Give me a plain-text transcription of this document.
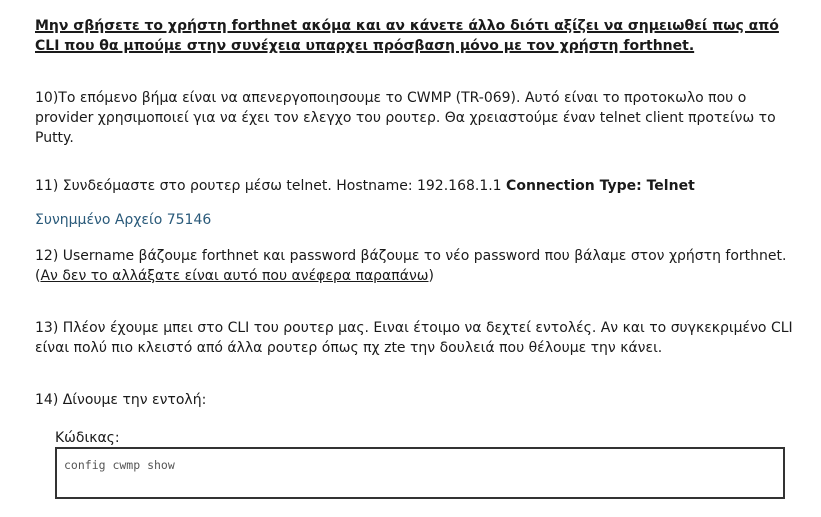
Μην σβήσετε το χρήστη forthnet ακόμα και αν κάνετε άλλο διότι αξίζει να σημειωθεί πως από CLI που θα μπούμε στην συνέχεια υπαρχει πρόσβαση μόνο με τον χρήστη forthnet.
10)Το επόμενο βήμα είναι να απενεργοποιησουμε το CWMP (TR-069). Αυτό είναι το προτοκωλο που ο provider χρησιμοποιεί για να έχει τον ελεγχο του ρουτερ. Θα χρειαστούμε έναν telnet client προτείνω το Putty.
11) Συνδεόμαστε στο ρουτερ μέσω telnet. Hostname: 192.168.1.1 Connection Type: Telnet
Συνημμένο Αρχείο 75146
12) Username βάζουμε forthnet και password βάζουμε το νέο password που βάλαμε στον χρήστη forthnet. (Αν δεν το αλλάξατε είναι αυτό που ανέφερα παραπάνω)
13) Πλέον έχουμε μπει στο CLI του ρουτερ μας. Ειναι έτοιμο να δεχτεί εντολές. Αν και το συγκεκριμένο CLI είναι πολύ πιο κλειστό από άλλα ρουτερ όπως πχ zte την δουλειά που θέλουμε την κάνει.
14) Δίνουμε την εντολή:
Κώδικας:
config cwmp show
